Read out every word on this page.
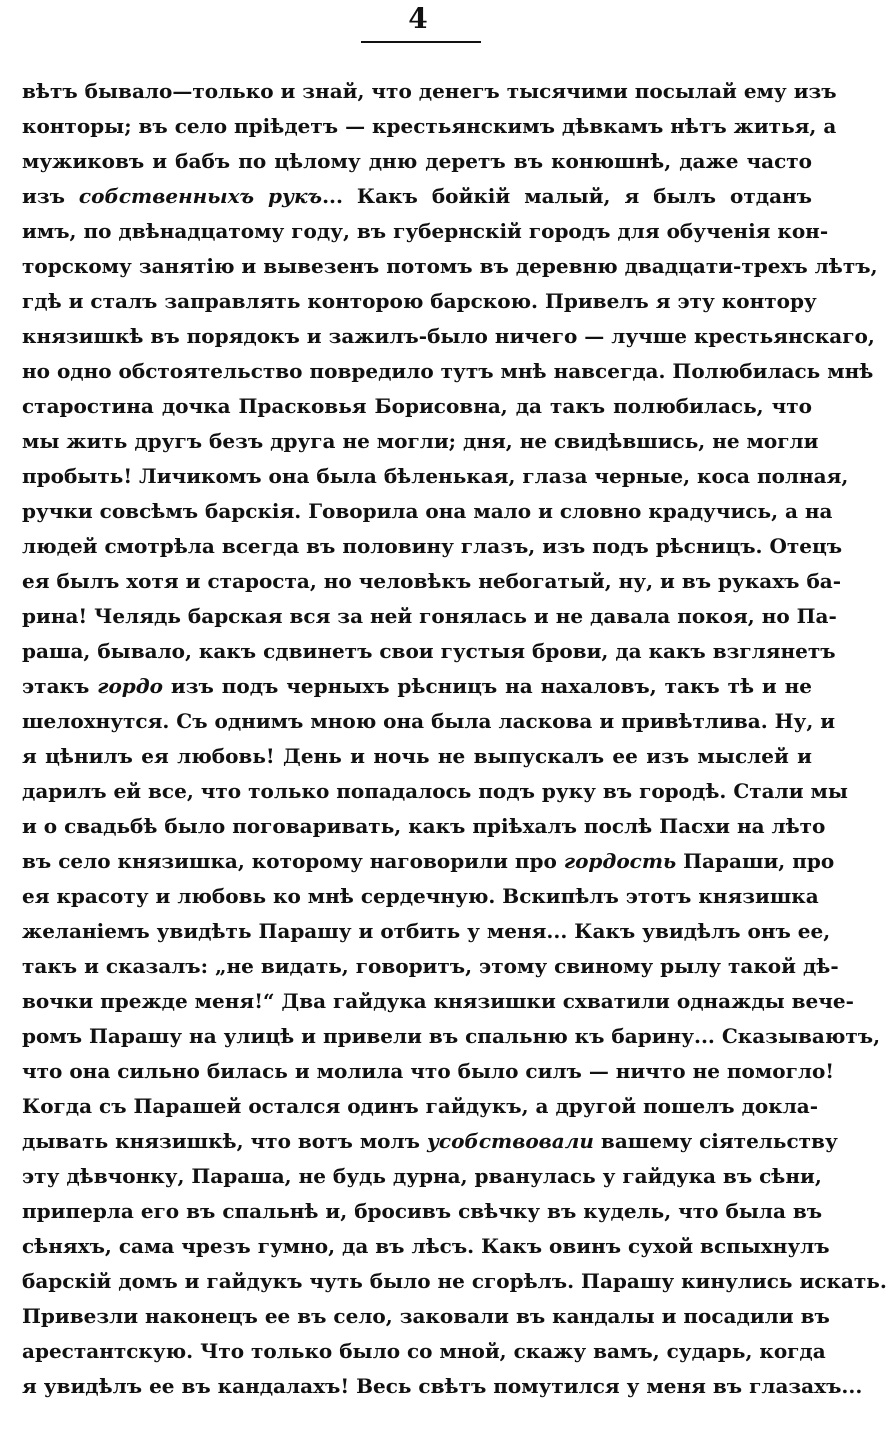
4
вѣтъ бывало—только и знай, что денегъ тысячими посылай ему изъ
конторы; въ село пріѣдетъ — крестьянскимъ дѣвкамъ нѣтъ житья, а
мужиковъ и бабъ по цѣлому дню деретъ въ конюшнѣ, даже часто
изъ собственныхъ рукъ... Какъ бойкій малый, я былъ отданъ
имъ, по двѣнадцатому году, въ губернскій городъ для обученія кон-
торскому занятію и вывезенъ потомъ въ деревню двадцати-трехъ лѣтъ,
гдѣ и сталъ заправлять конторою барскою. Привелъ я эту контору
князишкѣ въ порядокъ и зажилъ-было ничего — лучше крестьянскаго,
но одно обстоятельство повредило тутъ мнѣ навсегда. Полюбилась мнѣ
старостина дочка Прасковья Борисовна, да такъ полюбилась, что
мы жить другъ безъ друга не могли; дня, не свидѣвшись, не могли
пробыть! Личикомъ она была бѣленькая, глаза черные, коса полная,
ручки совсѣмъ барскія. Говорила она мало и словно крадучись, а на
людей смотрѣла всегда въ половину глазъ, изъ подъ рѣсницъ. Отецъ
ея былъ хотя и староста, но человѣкъ небогатый, ну, и въ рукахъ ба-
рина! Челядь барская вся за ней гонялась и не давала покоя, но Па-
раша, бывало, какъ сдвинетъ свои густыя брови, да какъ взглянетъ
этакъ гордо изъ подъ черныхъ рѣсницъ на нахаловъ, такъ тѣ и не
шелохнутся. Съ однимъ мною она была ласкова и привѣтлива. Ну, и
я цѣнилъ ея любовь! День и ночь не выпускалъ ее изъ мыслей и
дарилъ ей все, что только попадалось подъ руку въ городѣ. Стали мы
и о свадьбѣ было поговаривать, какъ пріѣхалъ послѣ Пасхи на лѣто
въ село князишка, которому наговорили про гордость Параши, про
ея красоту и любовь ко мнѣ сердечную. Вскипѣлъ этотъ князишка
желаніемъ увидѣть Парашу и отбить у меня... Какъ увидѣлъ онъ ее,
такъ и сказалъ: „не видать, говоритъ, этому свиному рылу такой дѣ-
вочки прежде меня!“ Два гайдука князишки схватили однажды вече-
ромъ Парашу на улицѣ и привели въ спальню къ барину... Сказываютъ,
что она сильно билась и молила что было силъ — ничто не помогло!
Когда съ Парашей остался одинъ гайдукъ, а другой пошелъ докла-
дывать князишкѣ, что вотъ молъ усобствовали вашему сіятельству
эту дѣвчонку, Параша, не будь дурна, рванулась у гайдука въ сѣни,
приперла его въ спальнѣ и, бросивъ свѣчку въ кудель, что была въ
сѣняхъ, сама чрезъ гумно, да въ лѣсъ. Какъ овинъ сухой вспыхнулъ
барскій домъ и гайдукъ чуть было не сгорѣлъ. Парашу кинулись искать.
Привезли наконецъ ее въ село, заковали въ кандалы и посадили въ
арестантскую. Что только было со мной, скажу вамъ, сударь, когда
я увидѣлъ ее въ кандалахъ! Весь свѣтъ помутился у меня въ глазахъ...
